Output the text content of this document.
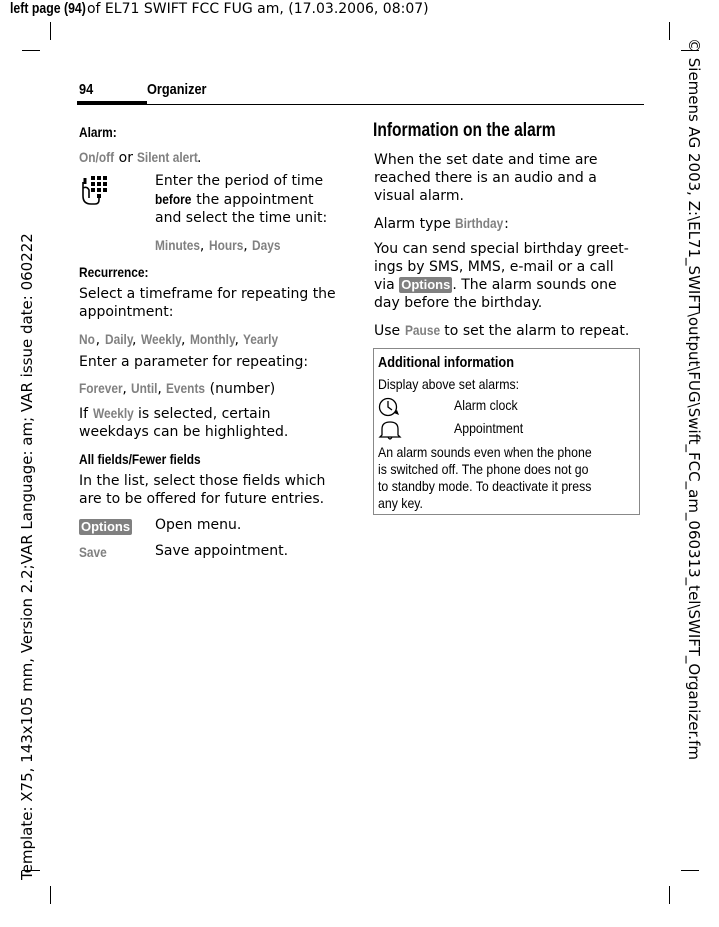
left page (94) of EL71 SWIFT FCC FUG am, (17.03.2006, 08:07)
Template: X75, 143x105 mm, Version 2.2;VAR Language: am; VAR issue date: 060222	© Siemens AG 2003, Z:\EL71_SWIFT\output\FUG\Swift_FCC_am_060313_tel\SWIFT_Organizer.fm
94	Organizer
Alarm:
On/off or Silent alert.
Enter the period of time
before the appointment
and select the time unit:
Minutes, Hours, Days
Recurrence:
Select a timeframe for repeating the
appointment:
No, Daily, Weekly, Monthly, Yearly
Enter a parameter for repeating:
Forever, Until, Events (number)
If Weekly is selected, certain
weekdays can be highlighted.
All fields/Fewer fields
In the list, select those fields which
are to be offered for future entries.
Options Open menu.
Save	Save appointment.
Information on the alarm
When the set date and time are
reached there is an audio and a
visual alarm.
Alarm type Birthday:
You can send special birthday greet-
ings by SMS, MMS, e-mail or a call
via Options . The alarm sounds one
day before the birthday.
Use Pause to set the alarm to repeat.
Additional information
Display above set alarms:
Alarm clock
Appointment
An alarm sounds even when the phone
is switched off. The phone does not go
to standby mode. To deactivate it press
any key.
